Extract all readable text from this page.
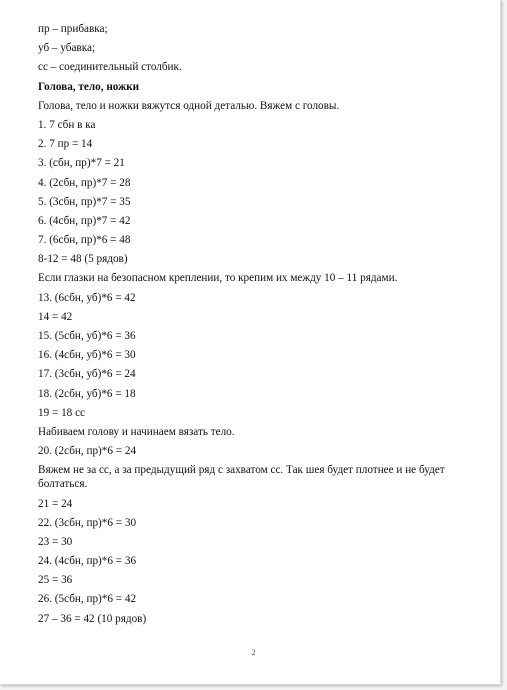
пр – прибавка;

уб – убавка;

сс – соединительный столбик.

Голова, тело, ножки

Голова, тело и ножки вяжутся одной деталью. Вяжем с головы.

1. 7 сбн в ка

2. 7 пр = 14

3. (сбн, пр)*7 = 21

4. (2сбн, пр)*7 = 28

5. (3сбн, пр)*7 = 35

6. (4сбн, пр)*7 = 42

7. (6сбн, пр)*6 = 48

8-12 = 48 (5 рядов)

Если глазки на безопасном креплении, то крепим их между 10 – 11 рядами.

13. (6сбн, уб)*6 = 42

14 = 42

15. (5сбн, уб)*6 = 36

16. (4сбн, уб)*6 = 30

17. (3сбн, уб)*6 = 24

18. (2сбн, уб)*6 = 18

19 = 18 сс

Набиваем голову и начинаем вязать тело.

20. (2сбн, пр)*6 = 24

Вяжем не за сс, а за предыдущий ряд с захватом сс. Так шея будет плотнее и не будет болтаться.

21 = 24

22. (3сбн, пр)*6 = 30

23 = 30

24. (4сбн, пр)*6 = 36

25 = 36

26. (5сбн, пр)*6 = 42

27 – 36 = 42 (10 рядов)

2
